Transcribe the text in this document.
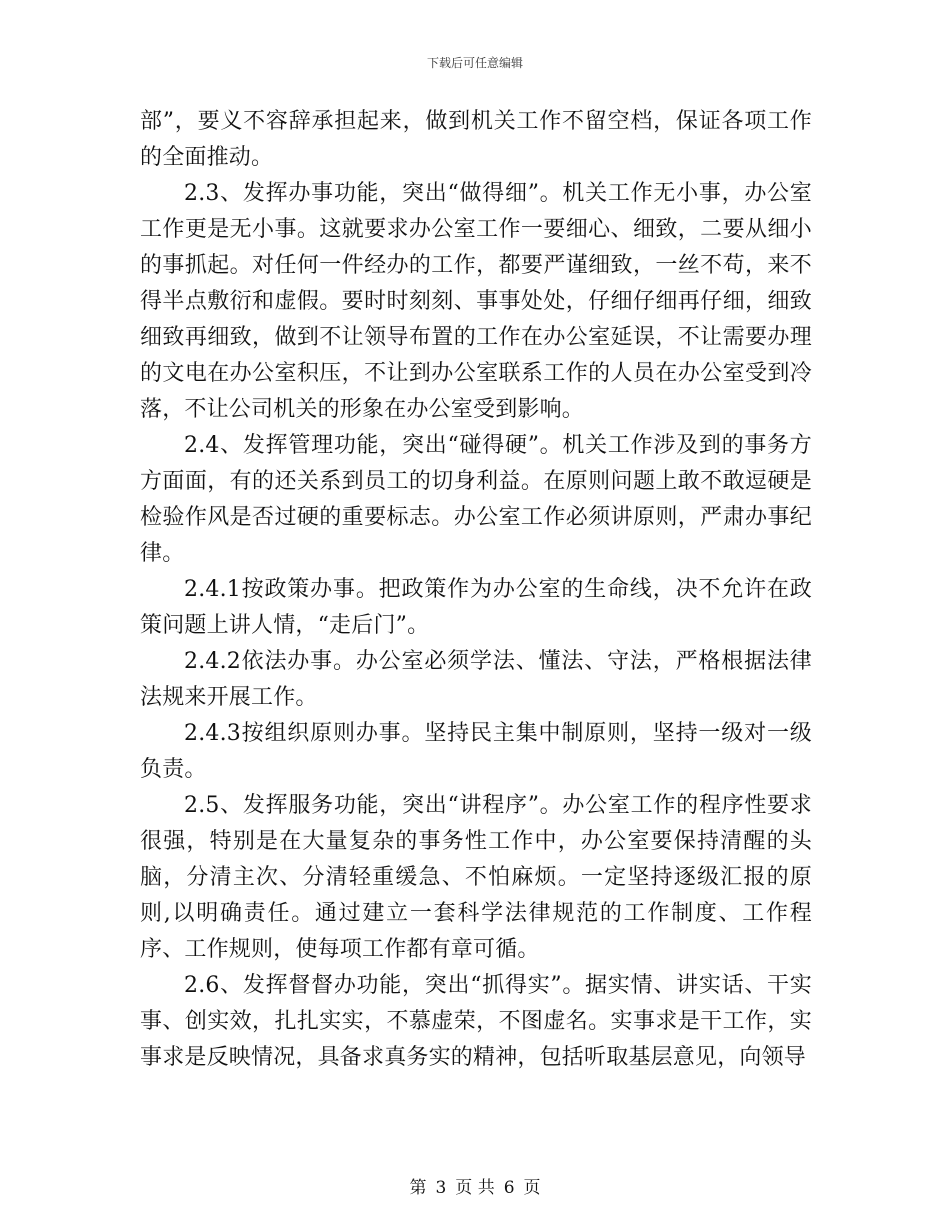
下载后可任意编辑

部”，要义不容辞承担起来，做到机关工作不留空档，保证各项工作的全面推动。

2.3、发挥办事功能，突出“做得细”。机关工作无小事，办公室工作更是无小事。这就要求办公室工作一要细心、细致，二要从细小的事抓起。对任何一件经办的工作，都要严谨细致，一丝不苟，来不得半点敷衍和虚假。要时时刻刻、事事处处，仔细仔细再仔细，细致细致再细致，做到不让领导布置的工作在办公室延误，不让需要办理的文电在办公室积压，不让到办公室联系工作的人员在办公室受到冷落，不让公司机关的形象在办公室受到影响。

2.4、发挥管理功能，突出“碰得硬”。机关工作涉及到的事务方方面面，有的还关系到员工的切身利益。在原则问题上敢不敢逗硬是检验作风是否过硬的重要标志。办公室工作必须讲原则，严肃办事纪律。

2.4.1按政策办事。把政策作为办公室的生命线，决不允许在政策问题上讲人情，“走后门”。

2.4.2依法办事。办公室必须学法、懂法、守法，严格根据法律法规来开展工作。

2.4.3按组织原则办事。坚持民主集中制原则，坚持一级对一级负责。

2.5、发挥服务功能，突出“讲程序”。办公室工作的程序性要求很强，特别是在大量复杂的事务性工作中，办公室要保持清醒的头脑，分清主次、分清轻重缓急、不怕麻烦。一定坚持逐级汇报的原则,以明确责任。通过建立一套科学法律规范的工作制度、工作程序、工作规则，使每项工作都有章可循。

2.6、发挥督督办功能，突出“抓得实”。据实情、讲实话、干实事、创实效，扎扎实实，不慕虚荣，不图虚名。实事求是干工作，实事求是反映情况，具备求真务实的精神，包括听取基层意见，向领导

第 3 页 共 6 页
